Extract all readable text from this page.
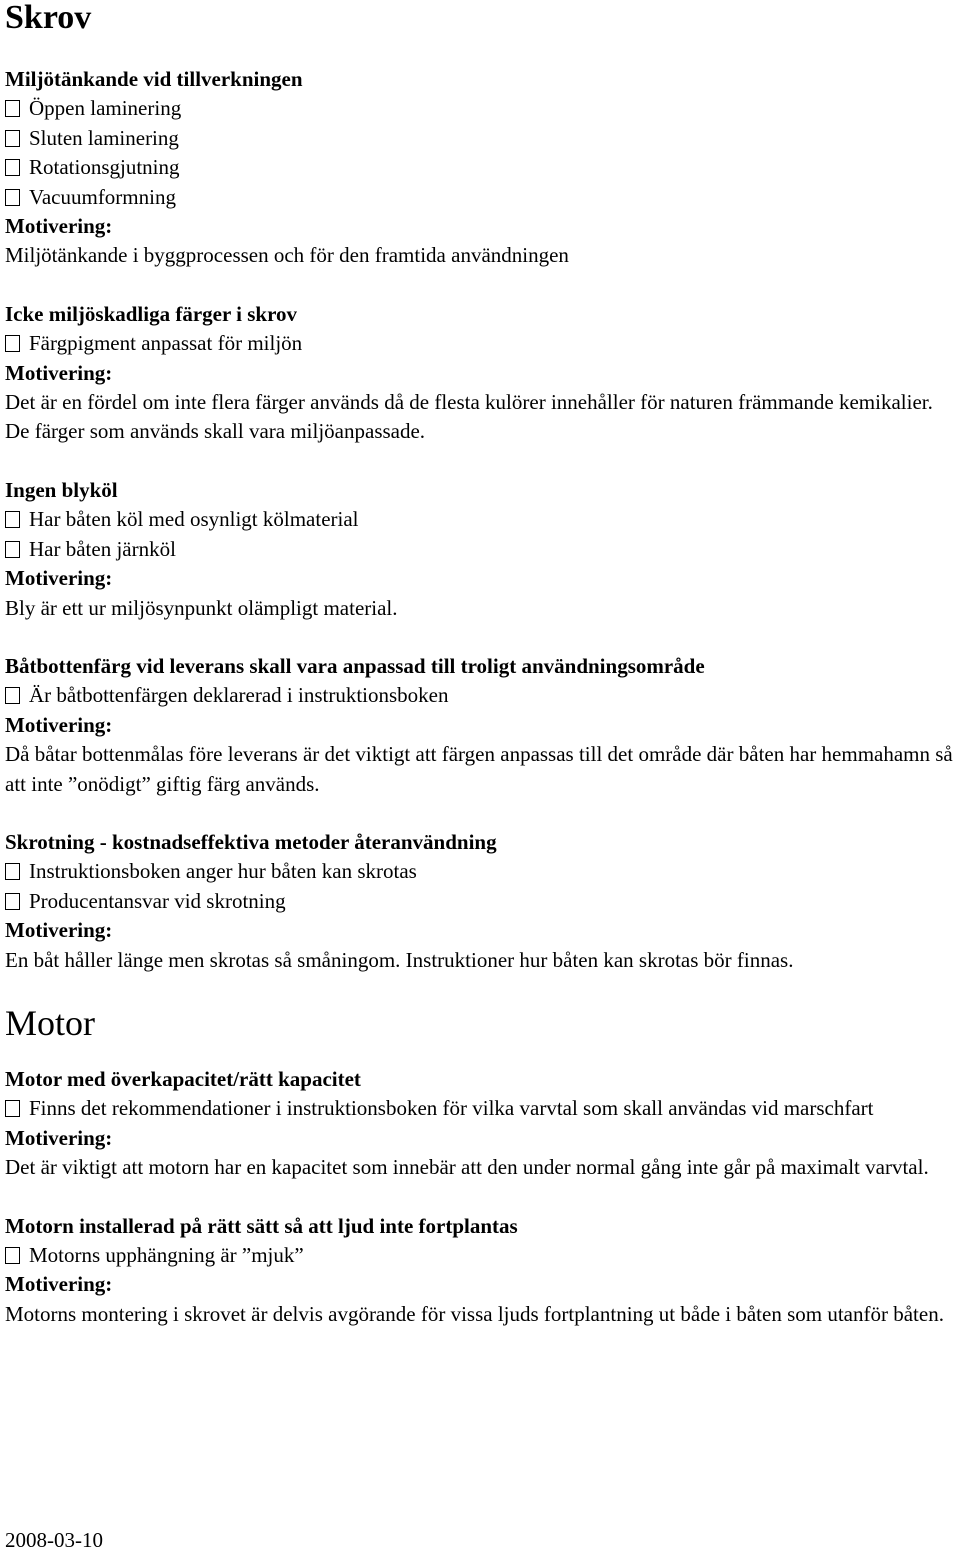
Skrov

Miljötänkande vid tillverkningen

Öppen laminering

Sluten laminering

Rotationsgjutning

Vacuumformning

Motivering:

Miljötänkande i byggprocessen och för den framtida användningen

Icke miljöskadliga färger i skrov

Färgpigment anpassat för miljön

Motivering:

Det är en fördel om inte flera färger används då de flesta kulörer innehåller för naturen främmande kemikalier. De färger som används skall vara miljöanpassade.

Ingen blyköl

Har båten köl med osynligt kölmaterial

Har båten järnköl

Motivering:

Bly är ett ur miljösynpunkt olämpligt material.

Båtbottenfärg vid leverans skall vara anpassad till troligt användningsområde

Är båtbottenfärgen deklarerad i instruktionsboken

Motivering:

Då båtar bottenmålas före leverans är det viktigt att färgen anpassas till det område där båten har hemmahamn så att inte ”onödigt” giftig färg används.

Skrotning - kostnadseffektiva metoder återanvändning

Instruktionsboken anger hur båten kan skrotas

Producentansvar vid skrotning

Motivering:

En båt håller länge men skrotas så småningom. Instruktioner hur båten kan skrotas bör finnas.

Motor

Motor med överkapacitet/rätt kapacitet

Finns det rekommendationer i instruktionsboken för vilka varvtal som skall användas vid marschfart

Motivering:

Det är viktigt att motorn har en kapacitet som innebär att den under normal gång inte går på maximalt varvtal.

Motorn installerad på rätt sätt så att ljud inte fortplantas

Motorns upphängning är ”mjuk”

Motivering:

Motorns montering i skrovet är delvis avgörande för vissa ljuds fortplantning ut både i båten som utanför båten.

2008-03-10
